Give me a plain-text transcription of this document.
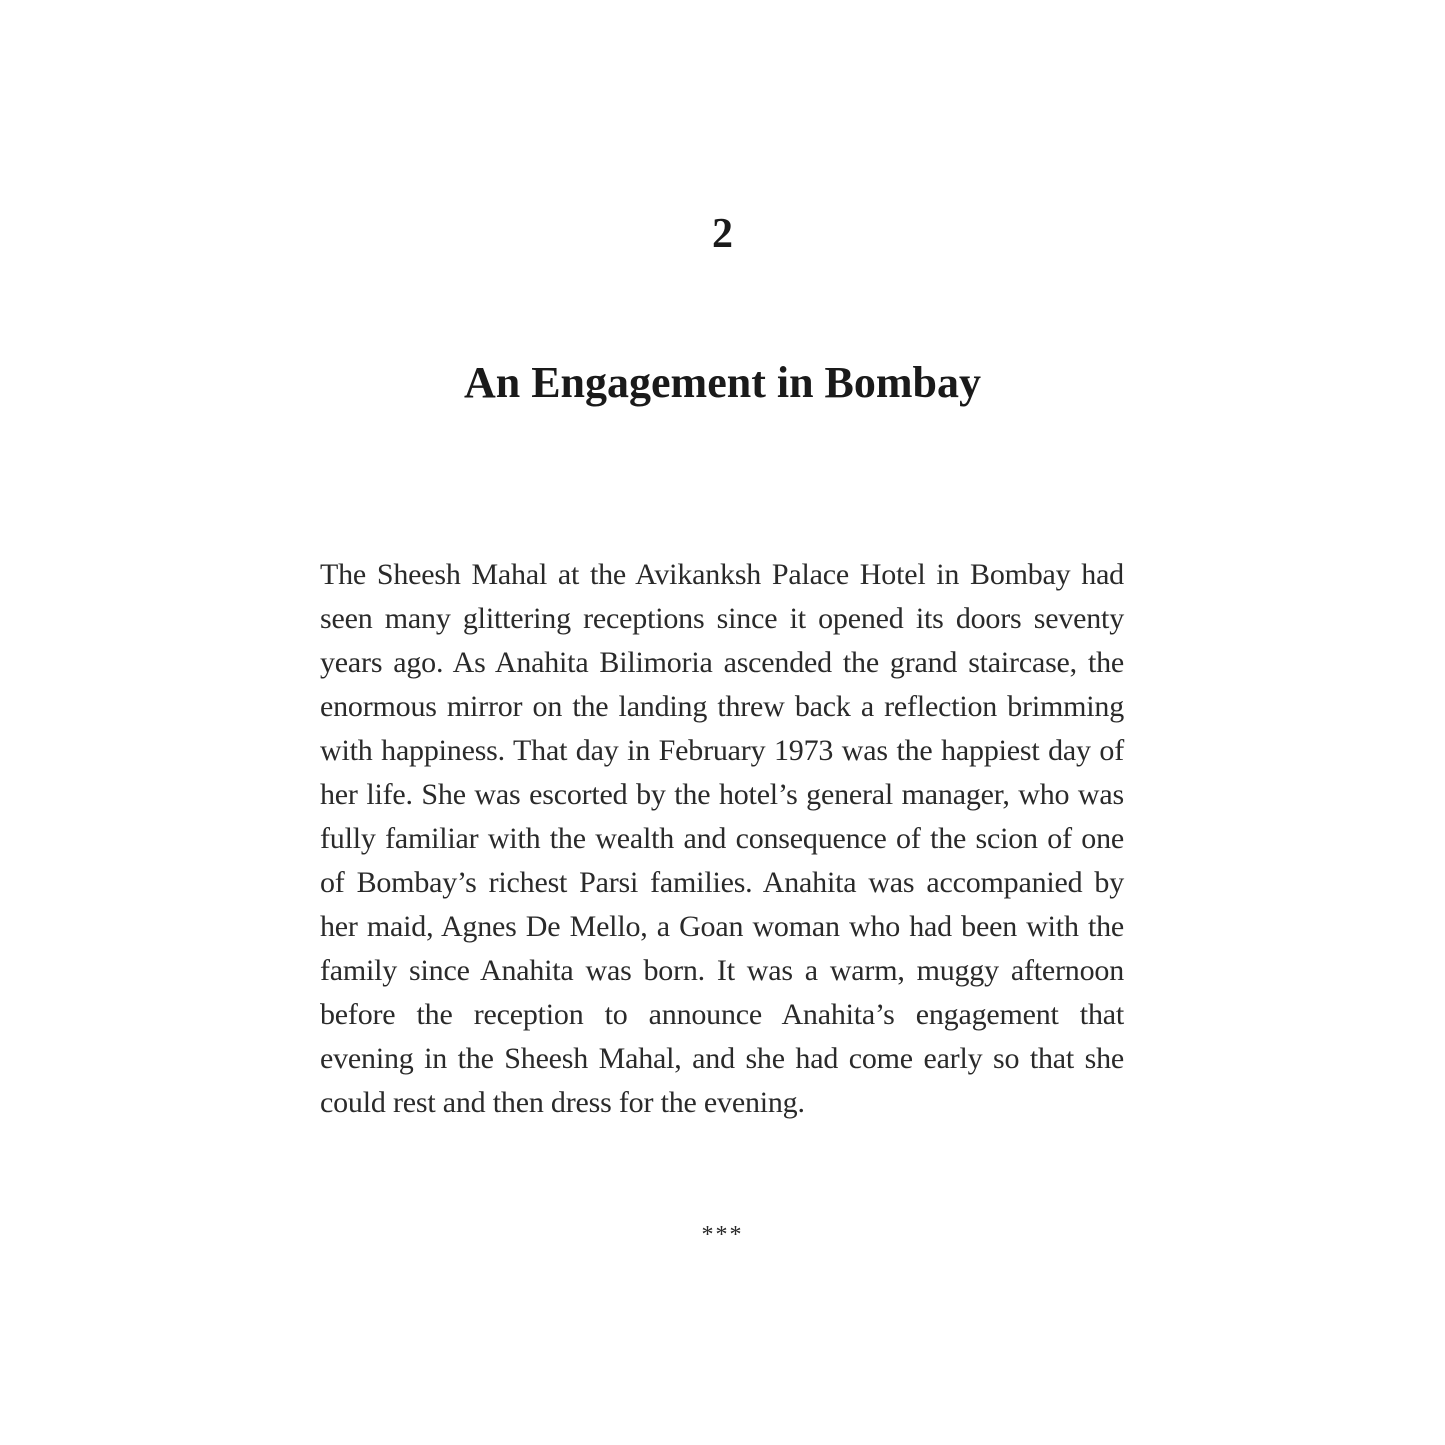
2
An Engagement in Bombay

The Sheesh Mahal at the Avikanksh Palace Hotel in Bombay had seen many glittering receptions since it opened its doors seventy years ago. As Anahita Bilimoria ascended the grand staircase, the enormous mirror on the landing threw back a reflection brimming with happiness. That day in February 1973 was the happiest day of her life. She was escorted by the hotel’s general manager, who was fully familiar with the wealth and consequence of the scion of one of Bombay’s richest Parsi families. Anahita was accompanied by her maid, Agnes De Mello, a Goan woman who had been with the family since Anahita was born. It was a warm, muggy afternoon before the reception to announce Anahita’s engagement that evening in the Sheesh Mahal, and she had come early so that she could rest and then dress for the evening.

***
